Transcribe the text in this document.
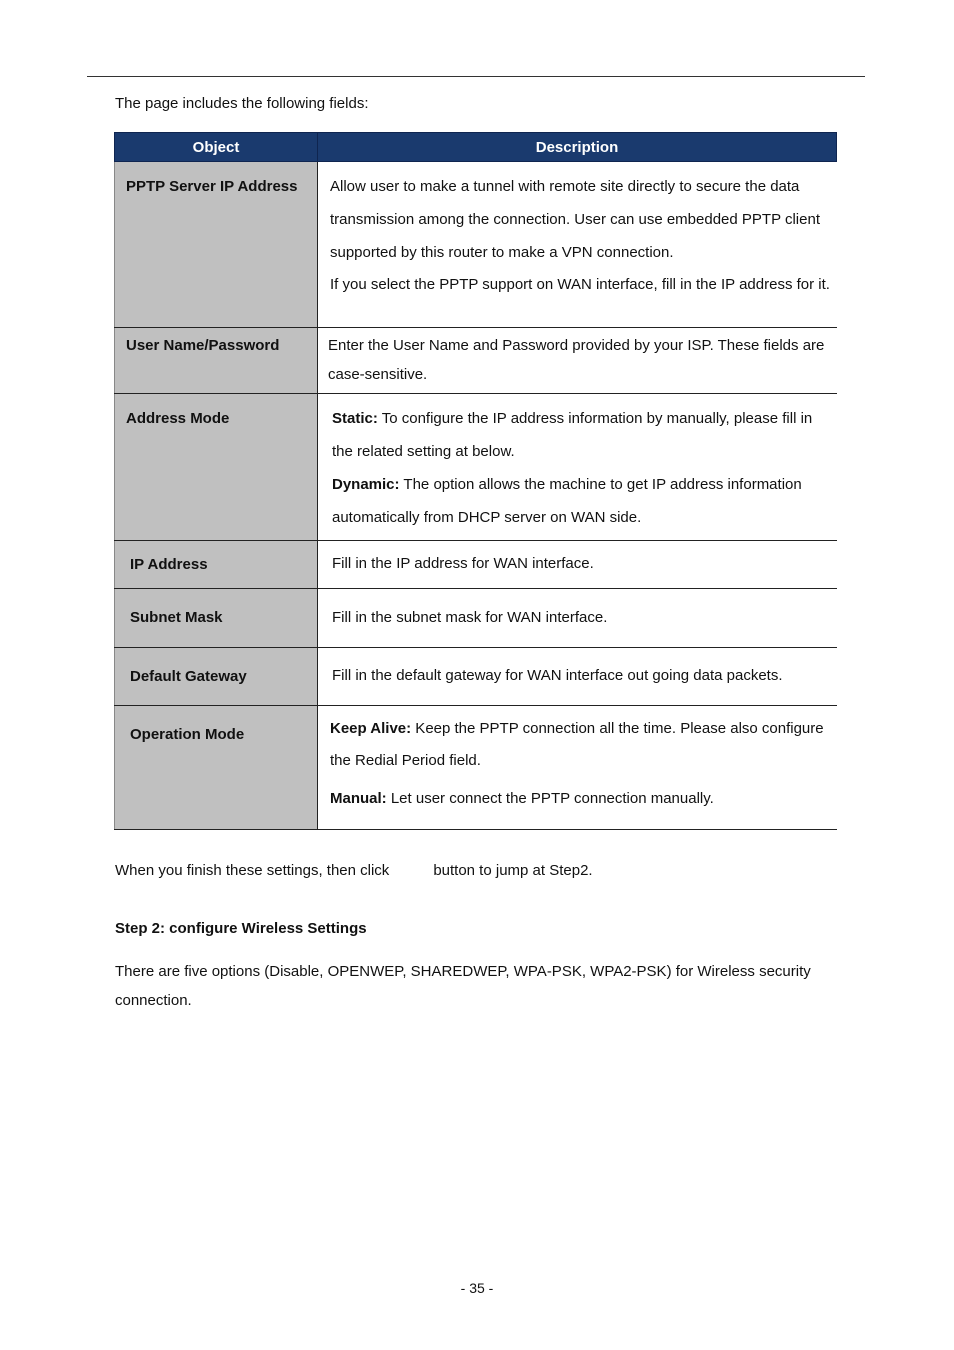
The page includes the following fields:

Object	Description
PPTP Server IP Address	Allow user to make a tunnel with remote site directly to secure the data transmission among the connection. User can use embedded PPTP client supported by this router to make a VPN connection.

If you select the PPTP support on WAN interface, fill in the IP address for it.

User Name/Password	Enter the User Name and Password provided by your ISP. These fields are case-sensitive.

Address Mode	Static: To configure the IP address information by manually, please fill in the related setting at below.

Dynamic: The option allows the machine to get IP address information automatically from DHCP server on WAN side.

IP Address	Fill in the IP address for WAN interface.

Subnet Mask	Fill in the subnet mask for WAN interface.

Default Gateway	Fill in the default gateway for WAN interface out going data packets.

Operation Mode	Keep Alive: Keep the PPTP connection all the time. Please also configure the Redial Period field.

Manual: Let user connect the PPTP connection manually.

When you finish these settings, then click	button to jump at Step2.

Step 2: configure Wireless Settings

There are five options (Disable, OPENWEP, SHAREDWEP, WPA-PSK, WPA2-PSK) for Wireless security connection.

- 35 -
